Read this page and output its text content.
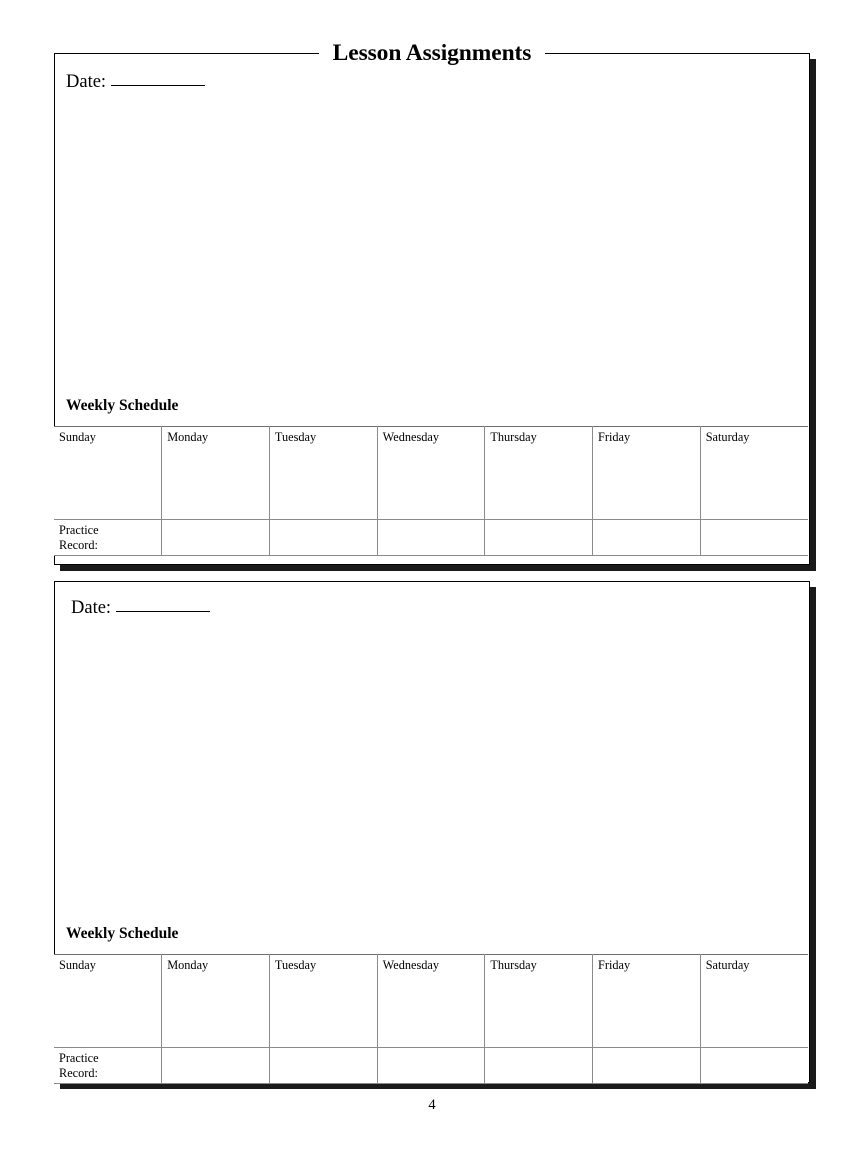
Lesson Assignments
Date:
Weekly Schedule
Sunday	Monday	Tuesday	Wednesday	Thursday	Friday	Saturday

Practice
Record:						

Date:
Weekly Schedule
Sunday	Monday	Tuesday	Wednesday	Thursday	Friday	Saturday

Practice
Record:						

4
